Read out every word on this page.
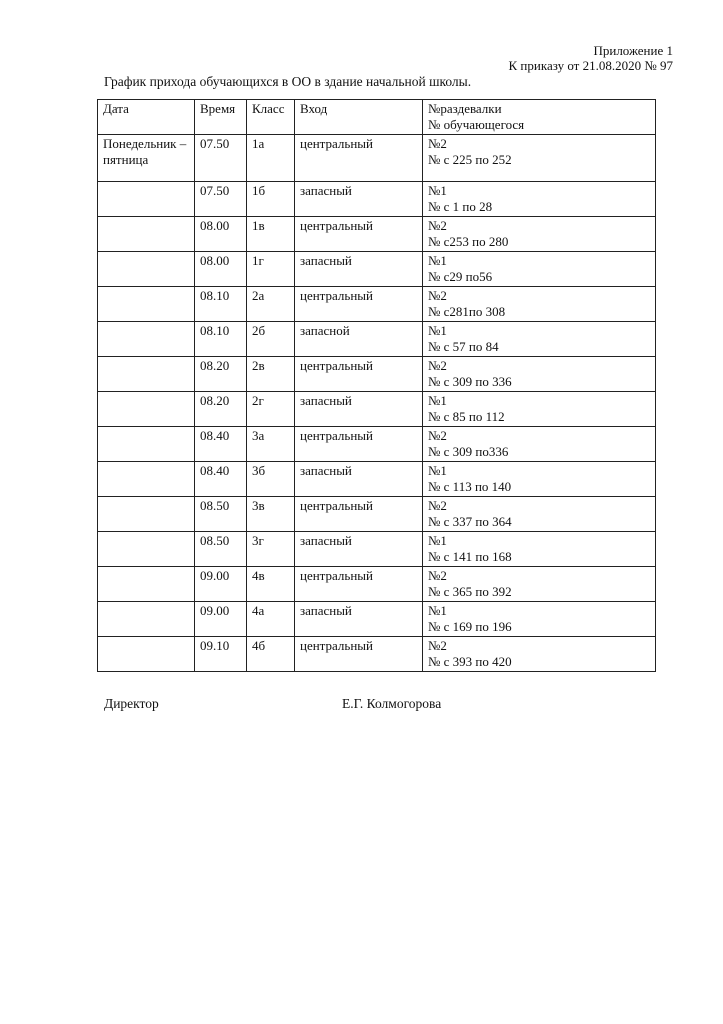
Приложение 1
К приказу от 21.08.2020 № 97
График прихода обучающихся в ОО в здание начальной школы.
Дата	Время	Класс	Вход	№раздевалки
№ обучающегося

Понедельник –пятница	07.50	1а	центральный	№2
№ с 225 по 252

	07.50	1б	запасный	№1
№ с 1 по 28

	08.00	1в	центральный	№2
№ с253 по 280

	08.00	1г	запасный	№1
№ с29 по56

	08.10	2а	центральный	№2
№ с281по 308

	08.10	2б	запасной	№1
№ с 57 по 84

	08.20	2в	центральный	№2
№ с 309 по 336

	08.20	2г	запасный	№1
№ с 85 по 112

	08.40	3а	центральный	№2
№ с 309 по336

	08.40	3б	запасный	№1
№ с 113 по 140

	08.50	3в	центральный	№2
№ с 337 по 364

	08.50	3г	запасный	№1
№ с 141 по 168

	09.00	4в	центральный	№2
№ с 365 по 392

	09.00	4а	запасный	№1
№ с 169 по 196

	09.10	4б	центральный	№2
№ с 393 по 420
Директор	Е.Г. Колмогорова
